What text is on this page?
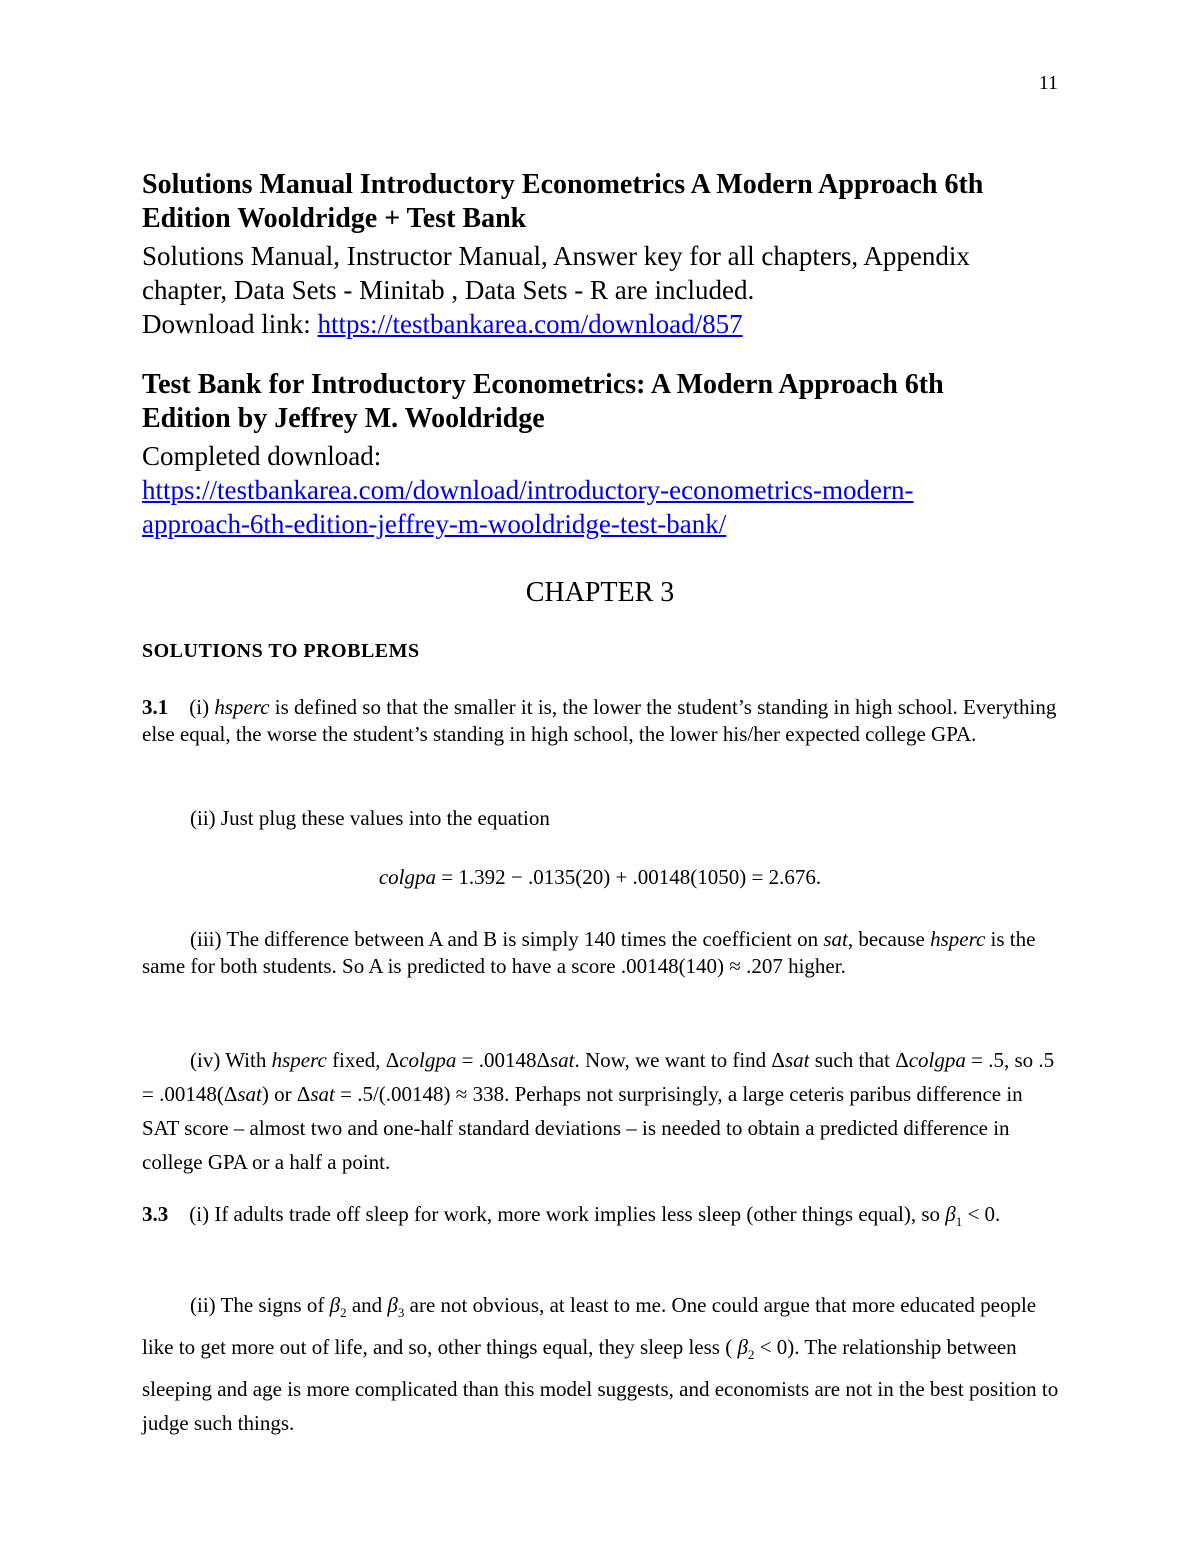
11

Solutions Manual Introductory Econometrics A Modern Approach 6th
Edition Wooldridge + Test Bank

Solutions Manual, Instructor Manual, Answer key for all chapters, Appendix
chapter, Data Sets - Minitab , Data Sets - R are included.
Download link: https://testbankarea.com/download/857

Test Bank for Introductory Econometrics: A Modern Approach 6th
Edition by Jeffrey M. Wooldridge

Completed download:
https://testbankarea.com/download/introductory-econometrics-modern-
approach-6th-edition-jeffrey-m-wooldridge-test-bank/

CHAPTER 3
SOLUTIONS TO PROBLEMS
3.1 (i) hsperc is defined so that the smaller it is, the lower the student’s standing in high school. Everything else equal, the worse the student’s standing in high school, the lower his/her expected college GPA.
(ii) Just plug these values into the equation
colgpa = 1.392 − .0135(20) + .00148(1050) = 2.676.
(iii) The difference between A and B is simply 140 times the coefficient on sat, because hsperc is the same for both students. So A is predicted to have a score .00148(140) ≈ .207 higher.
(iv) With hsperc fixed, Δcolgpa = .00148Δsat. Now, we want to find Δsat such that Δcolgpa = .5, so .5 = .00148(Δsat) or Δsat = .5/(.00148) ≈ 338. Perhaps not surprisingly, a large ceteris paribus difference in SAT score – almost two and one-half standard deviations – is needed to obtain a predicted difference in college GPA or a half a point.
3.3 (i) If adults trade off sleep for work, more work implies less sleep (other things equal), so $\beta_1 < 0$.
(ii) The signs of $\beta_2$ and $\beta_3$ are not obvious, at least to me. One could argue that more educated people like to get more out of life, and so, other things equal, they sleep less ( $\beta_2 < 0$). The relationship between sleeping and age is more complicated than this model suggests, and economists are not in the best position to judge such things.
